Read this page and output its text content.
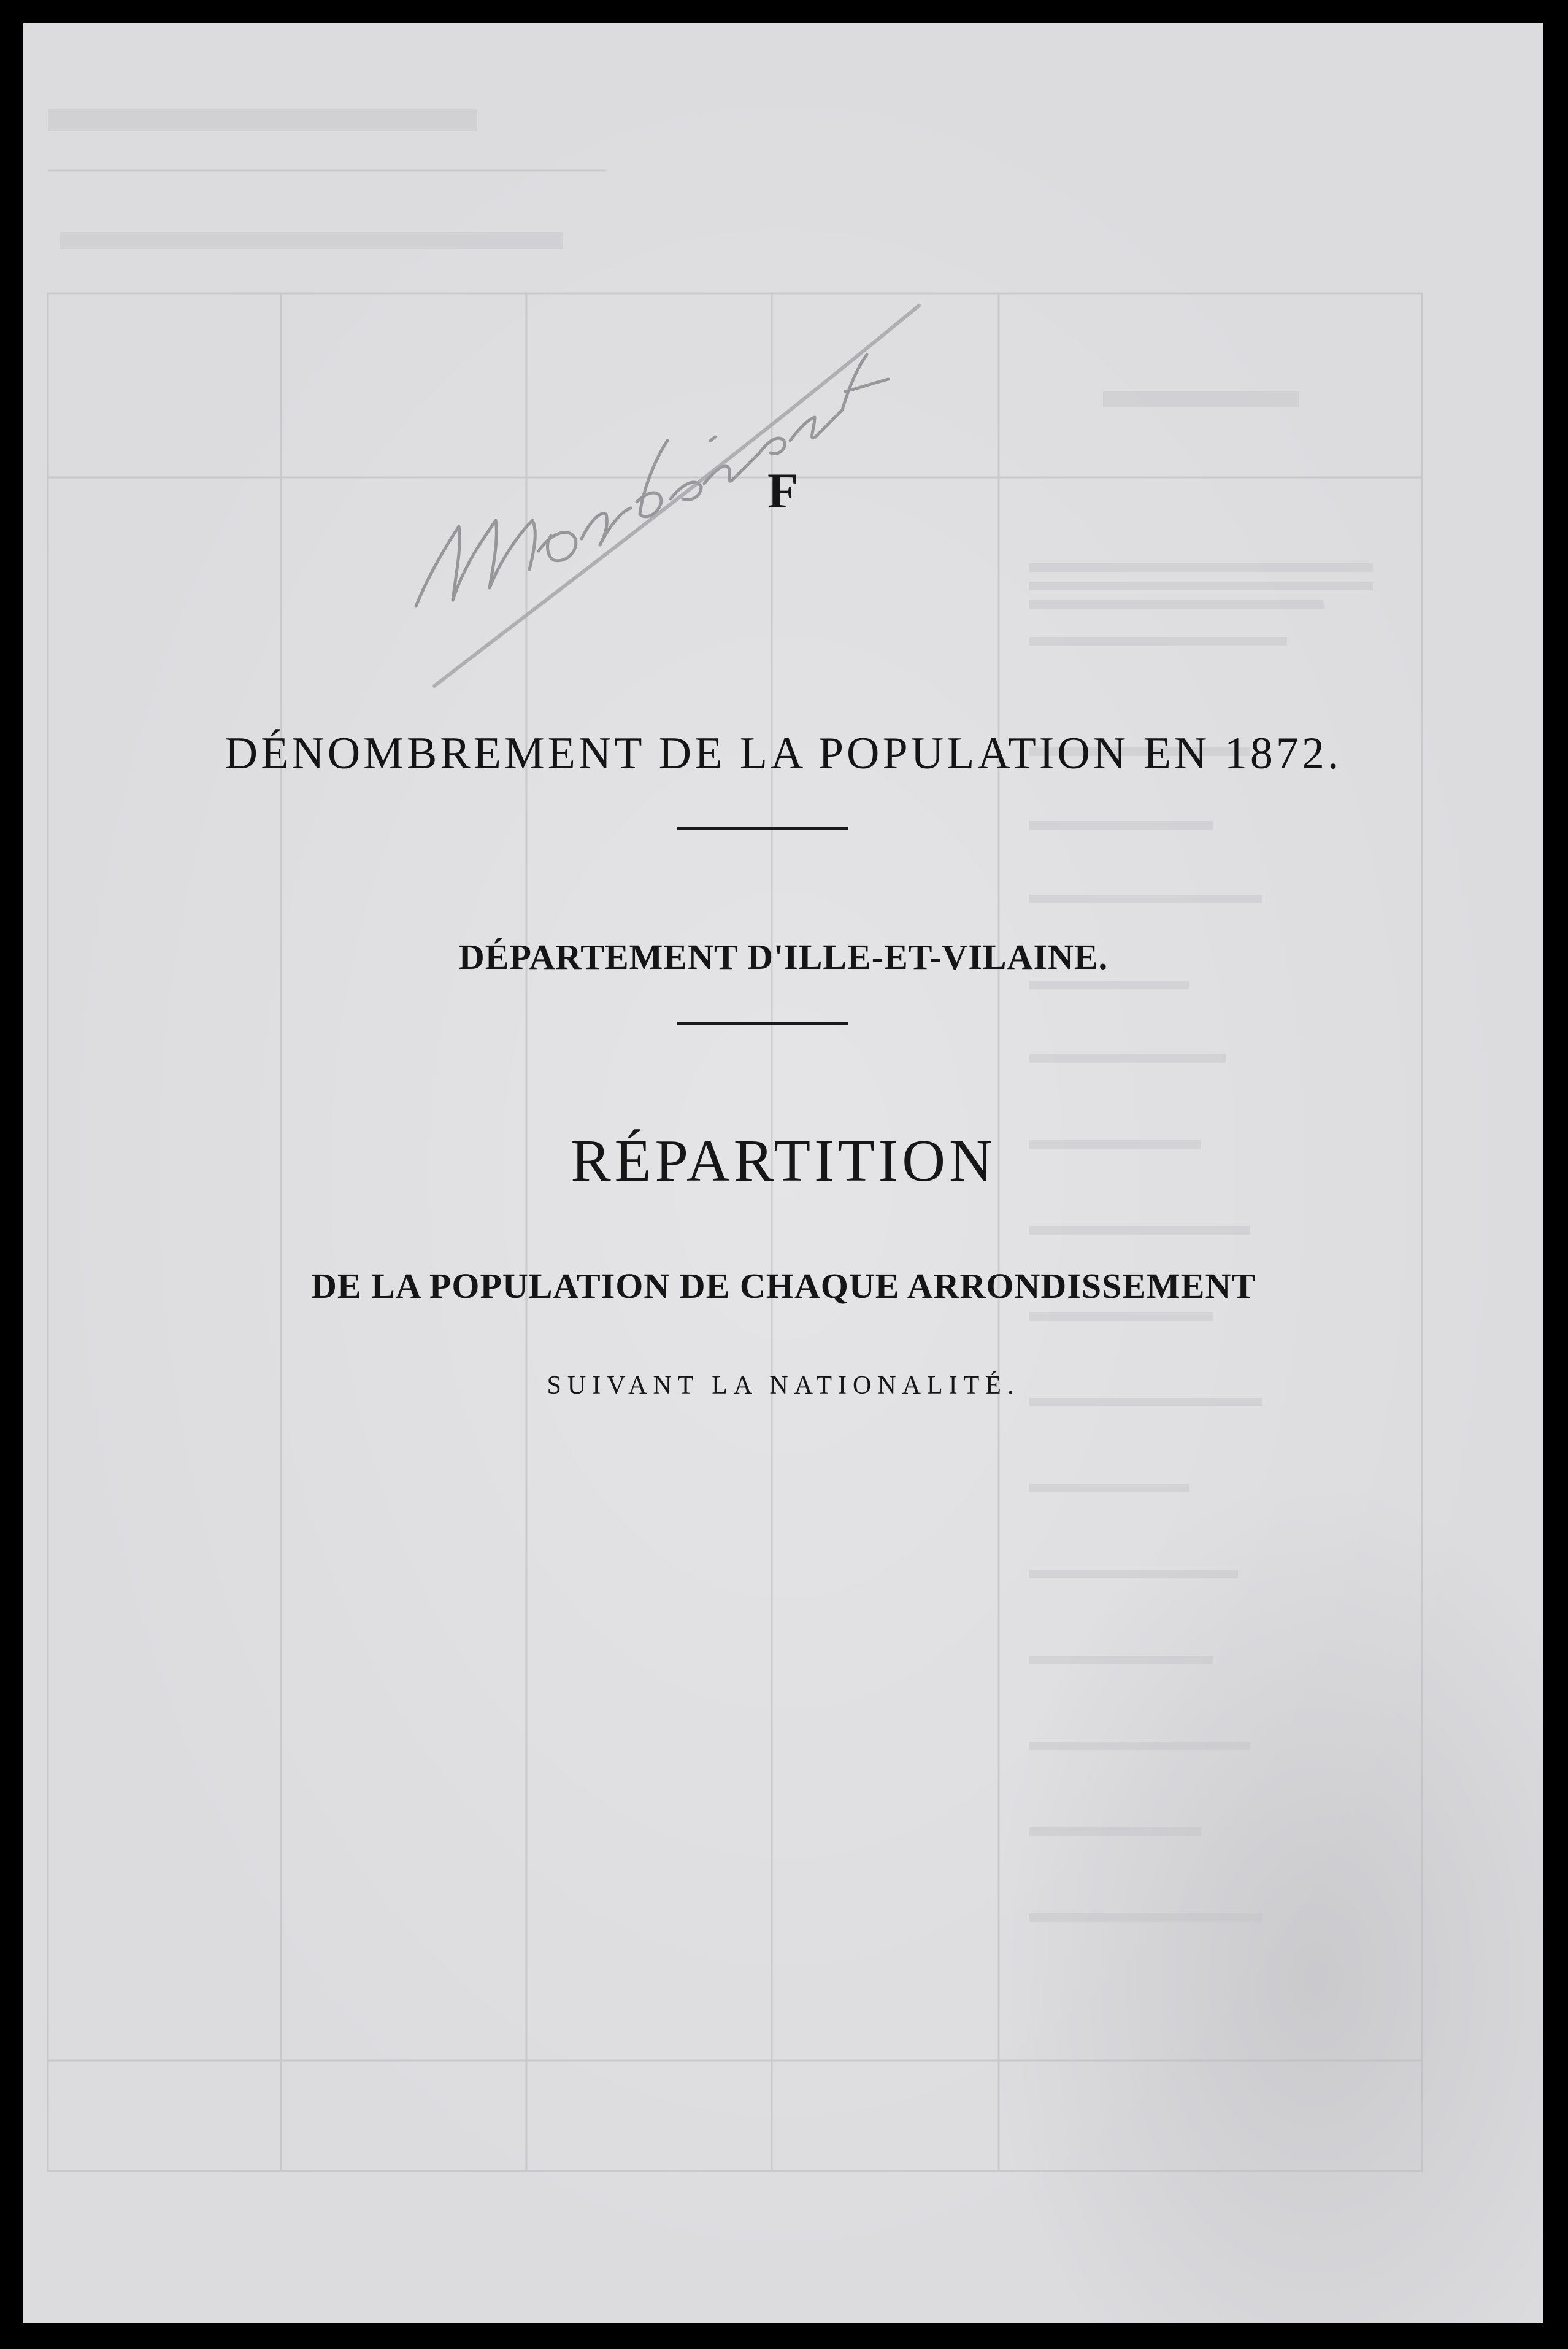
F
DÉNOMBREMENT DE LA POPULATION EN 1872.
DÉPARTEMENT D'ILLE-ET-VILAINE.
RÉPARTITION
DE LA POPULATION DE CHAQUE ARRONDISSEMENT
SUIVANT LA NATIONALITÉ.
